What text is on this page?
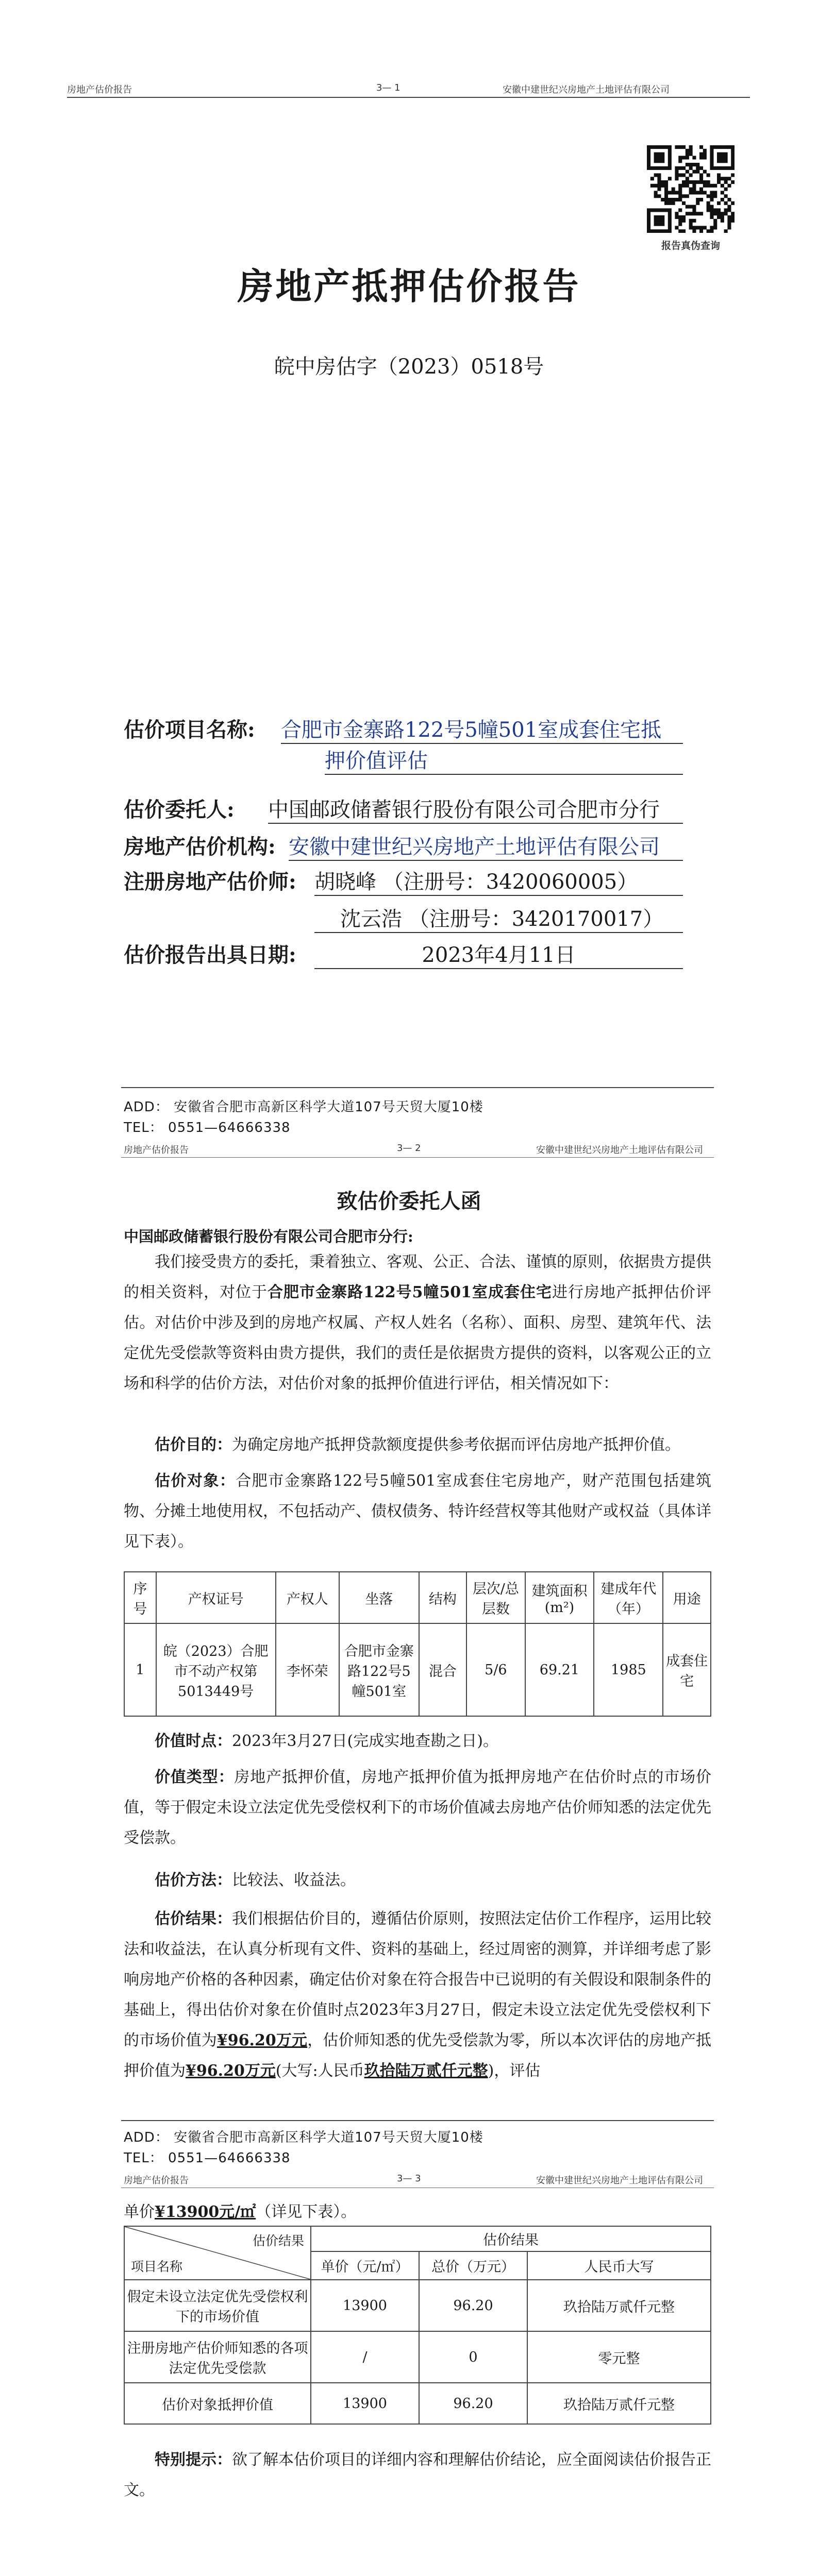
房地产估价报告	3— 1	安徽中建世纪兴房地产土地评估有限公司
报告真伪查询
房地产抵押估价报告
皖中房估字（2023）0518号
估价项目名称: 合肥市金寨路122号5幢501室成套住宅抵
押价值评估
估价委托人: 中国邮政储蓄银行股份有限公司合肥市分行
房地产估价机构: 安徽中建世纪兴房地产土地评估有限公司
注册房地产估价师: 胡晓峰 （注册号：3420060005）
沈云浩 （注册号：3420170017）
估价报告出具日期:	2023年4月11日
ADD： 安徽省合肥市高新区科学大道107号天贸大厦10楼
TEL： 0551—64666338
房地产估价报告	3— 2	安徽中建世纪兴房地产土地评估有限公司
致估价委托人函
中国邮政储蓄银行股份有限公司合肥市分行:
我们接受贵方的委托，秉着独立、客观、公正、合法、谨慎的原则，依据贵方提供的相关资料，对位于合肥市金寨路122号5幢501室成套住宅进行房地产抵押估价评估。对估价中涉及到的房地产权属、产权人姓名（名称）、面积、房型、建筑年代、法定优先受偿款等资料由贵方提供，我们的责任是依据贵方提供的资料，以客观公正的立场和科学的估价方法，对估价对象的抵押价值进行评估，相关情况如下：
估价目的：为确定房地产抵押贷款额度提供参考依据而评估房地产抵押价值。
估价对象：合肥市金寨路122号5幢501室成套住宅房地产，财产范围包括建筑物、分摊土地使用权，不包括动产、债权债务、特许经营权等其他财产或权益（具体详见下表）。
序号	产权证号	产权人	坐落	结构	层次/总层数	建筑面积(m²)	建成年代（年）	用途
1	皖（2023）合肥市不动产权第5013449号	李怀荣	合肥市金寨路122号5幢501室	混合	5/6	69.21	1985	成套住宅
价值时点：2023年3月27日(完成实地查勘之日)。
价值类型：房地产抵押价值，房地产抵押价值为抵押房地产在估价时点的市场价值，等于假定未设立法定优先受偿权利下的市场价值减去房地产估价师知悉的法定优先受偿款。
估价方法：比较法、收益法。
估价结果：我们根据估价目的，遵循估价原则，按照法定估价工作程序，运用比较法和收益法，在认真分析现有文件、资料的基础上，经过周密的测算，并详细考虑了影响房地产价格的各种因素，确定估价对象在符合报告中已说明的有关假设和限制条件的基础上，得出估价对象在价值时点2023年3月27日，假定未设立法定优先受偿权利下的市场价值为¥96.20万元，估价师知悉的优先受偿款为零，所以本次评估的房地产抵押价值为¥96.20万元(大写:人民币玖拾陆万贰仟元整)，评估
ADD： 安徽省合肥市高新区科学大道107号天贸大厦10楼
TEL： 0551—64666338
房地产估价报告	3— 3	安徽中建世纪兴房地产土地评估有限公司
单价¥13900元/㎡（详见下表）。
估价结果
项目名称	估价结果		
	单价（元/㎡）	总价（万元）	人民币大写
假定未设立法定优先受偿权利下的市场价值	13900	96.20	玖拾陆万贰仟元整
注册房地产估价师知悉的各项法定优先受偿款	/	0	零元整
估价对象抵押价值	13900	96.20	玖拾陆万贰仟元整
特别提示：欲了解本估价项目的详细内容和理解估价结论，应全面阅读估价报告正文。
